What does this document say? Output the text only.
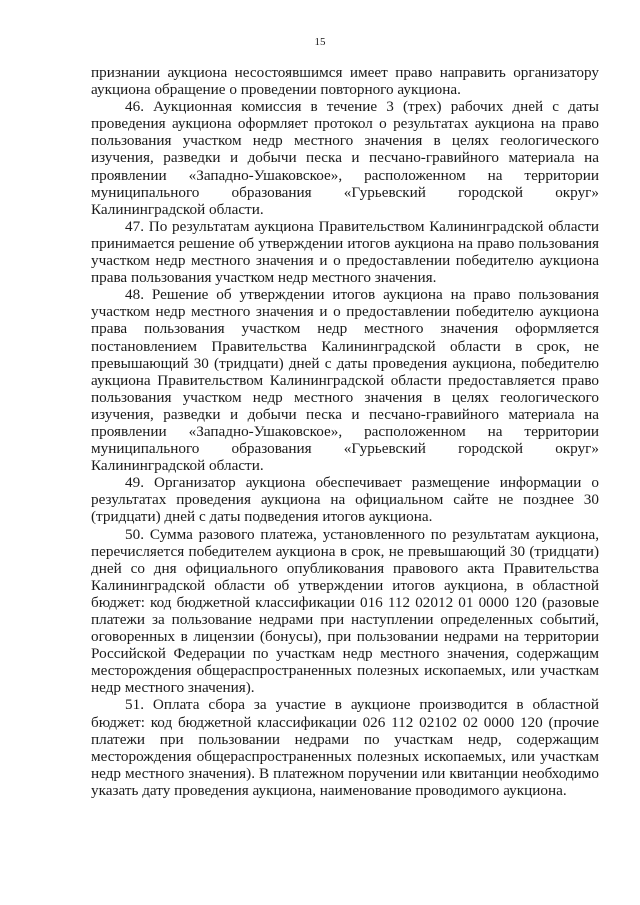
15

признании аукциона несостоявшимся имеет право направить организатору аукциона обращение о проведении повторного аукциона.

46. Аукционная комиссия в течение 3 (трех) рабочих дней с даты проведения аукциона оформляет протокол о результатах аукциона на право пользования участком недр местного значения в целях геологического изучения, разведки и добычи песка и песчано-гравийного материала на проявлении «Западно-Ушаковское», расположенном на территории муниципального образования «Гурьевский городской округ» Калининградской области.

47. По результатам аукциона Правительством Калининградской области принимается решение об утверждении итогов аукциона на право пользования участком недр местного значения и о предоставлении победителю аукциона права пользования участком недр местного значения.

48. Решение об утверждении итогов аукциона на право пользования участком недр местного значения и о предоставлении победителю аукциона права пользования участком недр местного значения оформляется постановлением Правительства Калининградской области в срок, не превышающий 30 (тридцати) дней с даты проведения аукциона, победителю аукциона Правительством Калининградской области предоставляется право пользования участком недр местного значения в целях геологического изучения, разведки и добычи песка и песчано-гравийного материала на проявлении «Западно-Ушаковское», расположенном на территории муниципального образования «Гурьевский городской округ» Калининградской области.

49. Организатор аукциона обеспечивает размещение информации о результатах проведения аукциона на официальном сайте не позднее 30 (тридцати) дней с даты подведения итогов аукциона.

50. Сумма разового платежа, установленного по результатам аукциона, перечисляется победителем аукциона в срок, не превышающий 30 (тридцати) дней со дня официального опубликования правового акта Правительства Калининградской области об утверждении итогов аукциона, в областной бюджет: код бюджетной классификации 016 112 02012 01 0000 120 (разовые платежи за пользование недрами при наступлении определенных событий, оговоренных в лицензии (бонусы), при пользовании недрами на территории Российской Федерации по участкам недр местного значения, содержащим месторождения общераспространенных полезных ископаемых, или участкам недр местного значения).

51. Оплата сбора за участие в аукционе производится в областной бюджет: код бюджетной классификации 026 112 02102 02 0000 120 (прочие платежи при пользовании недрами по участкам недр, содержащим месторождения общераспространенных полезных ископаемых, или участкам недр местного значения). В платежном поручении или квитанции необходимо указать дату проведения аукциона, наименование проводимого аукциона.
